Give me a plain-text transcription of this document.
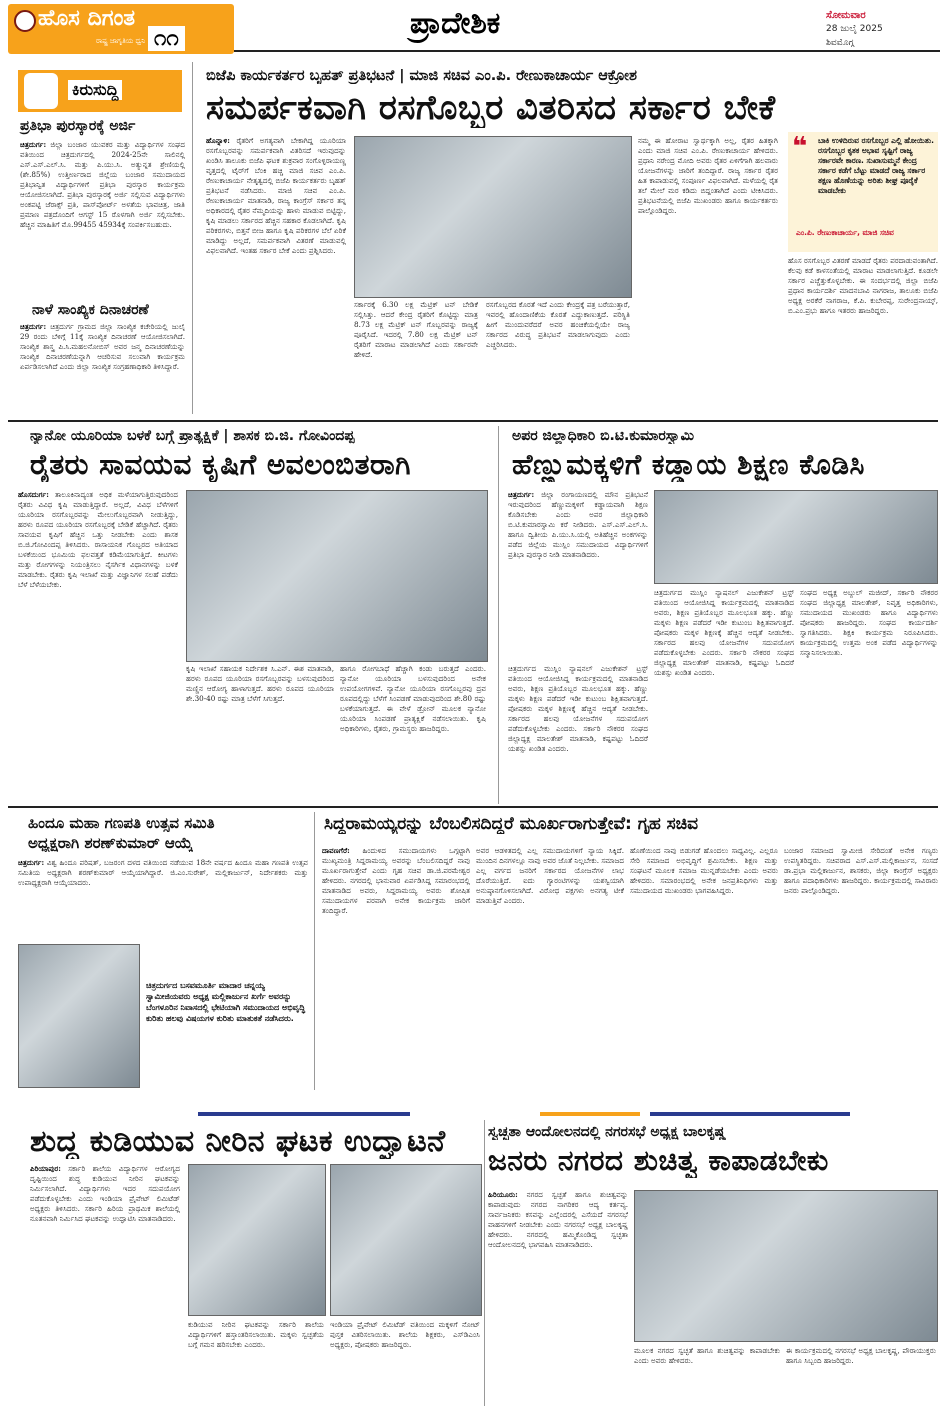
ಹೊಸ ದಿಗಂತ
ರಾಷ್ಟ್ರ ಜಾಗೃತಿಯ ಧ್ವನಿ ೧೧	ಪ್ರಾದೇಶಿಕ	ಸೋಮವಾರ
28 ಜುಲೈ 2025
ಶಿವಮೊಗ್ಗ
ಕಿರುಸುದ್ದಿ
ಪ್ರತಿಭಾ ಪುರಸ್ಕಾರಕ್ಕೆ ಅರ್ಜಿ
ಚಿತ್ರದುರ್ಗ: ಜಿಲ್ಲಾ ಬಂಜಾರ ಯುವಕರ ಮತ್ತು ವಿದ್ಯಾರ್ಥಿಗಳ ಸಂಘದ ವತಿಯಿಂದ ಚಿತ್ರದುರ್ಗದಲ್ಲಿ 2024-25ನೇ ಸಾಲಿನಲ್ಲಿ ಎಸ್.ಎಸ್.ಎಲ್.ಸಿ. ಮತ್ತು ಪಿ.ಯು.ಸಿ. ಅತ್ಯುನ್ನತ ಶ್ರೇಣಿಯಲ್ಲಿ (ಶೇ.85%) ಉತ್ತೀರ್ಣರಾದ ಜಿಲ್ಲೆಯ ಬಂಜಾರ ಸಮುದಾಯದ ಪ್ರತಿಭಾನ್ವಿತ ವಿದ್ಯಾರ್ಥಿಗಳಿಗೆ ಪ್ರತಿಭಾ ಪುರಸ್ಕಾರ ಕಾರ್ಯಕ್ರಮ ಆಯೋಜಿಸಲಾಗಿದೆ. ಪ್ರತಿಭಾ ಪುರಸ್ಕಾರಕ್ಕೆ ಅರ್ಜಿ ಸಲ್ಲಿಸುವ ವಿದ್ಯಾರ್ಥಿಗಳು ಅಂಕಪಟ್ಟಿ ಜೆರಾಕ್ಸ್ ಪ್ರತಿ, ಪಾಸ್‌ಪೋರ್ಟ್ ಅಳತೆಯ ಭಾವಚಿತ್ರ, ಜಾತಿ ಪ್ರಮಾಣ ಪತ್ರದೊಂದಿಗೆ ಆಗಸ್ಟ್ 15 ರೊಳಗಾಗಿ ಅರ್ಜಿ ಸಲ್ಲಿಸಬೇಕು. ಹೆಚ್ಚಿನ ಮಾಹಿತಿಗೆ ಮೊ.99455 45934ಕ್ಕೆ ಸಂಪರ್ಕಿಸಬಹುದು.
ನಾಳೆ ಸಾಂಖ್ಯಿಕ ದಿನಾಚರಣೆ
ಚಿತ್ರದುರ್ಗ: ಚಿತ್ರದುರ್ಗ ಗ್ರಾಮದ ಜಿಲ್ಲಾ ಸಾಂಖ್ಯಿಕ ಕಚೇರಿಯಲ್ಲಿ ಜುಲೈ 29 ರಂದು ಬೆಳಿಗ್ಗೆ 11ಕ್ಕೆ ಸಾಂಖ್ಯಿಕ ದಿನಾಚರಣೆ ಆಯೋಜಿಸಲಾಗಿದೆ. ಸಾಂಖ್ಯಿಕ ಶಾಸ್ತ್ರ ಪಿ.ಸಿ.ಮಹಲನೋಬಿಸ್ ಅವರ ಜನ್ಮ ದಿನಾಚರಣೆಯನ್ನು ಸಾಂಖ್ಯಿಕ ದಿನಾಚರಣೆಯನ್ನಾಗಿ ಆಚರಿಸುವ ಸಲುವಾಗಿ ಕಾರ್ಯಕ್ರಮ ಏರ್ಪಡಿಸಲಾಗಿದೆ ಎಂದು ಜಿಲ್ಲಾ ಸಾಂಖ್ಯಿಕ ಸಂಗ್ರಹಣಾಧಿಕಾರಿ ತಿಳಿಸಿದ್ದಾರೆ.
ಬಿಜೆಪಿ ಕಾರ್ಯಕರ್ತರ ಬೃಹತ್ ಪ್ರತಿಭಟನೆ | ಮಾಜಿ ಸಚಿವ ಎಂ.ಪಿ. ರೇಣುಕಾಚಾರ್ಯ ಆಕ್ರೋಶ
ಸಮರ್ಪಕವಾಗಿ ರಸಗೊಬ್ಬರ ವಿತರಿಸದ ಸರ್ಕಾರ ಬೇಕೆ
ಹೊನ್ನಾಳಿ: ರೈತರಿಗೆ ಅಗತ್ಯವಾಗಿ ಬೇಕಾಗಿದ್ದ ಯೂರಿಯಾ ರಸಗೊಬ್ಬರವನ್ನು ಸಮರ್ಪಕವಾಗಿ ವಿತರಿಸದೆ ಇರುವುದನ್ನು ಖಂಡಿಸಿ ತಾಲೂಕು ಬಿಜೆಪಿ ಘಟಕ ಶುಕ್ರವಾರ ಸಂಗೊಳ್ಳಿರಾಯಣ್ಣ ವೃತ್ತದಲ್ಲಿ ಟೈರ್‌ಗೆ ಬೆಂಕಿ ಹಚ್ಚಿ ಮಾಜಿ ಸಚಿವ ಎಂ.ಪಿ. ರೇಣುಕಾಚಾರ್ಯ ನೇತೃತ್ವದಲ್ಲಿ ಬಿಜೆಪಿ ಕಾರ್ಯಕರ್ತರು ಬೃಹತ್ ಪ್ರತಿಭಟನೆ ನಡೆಸಿದರು. ಮಾಜಿ ಸಚಿವ ಎಂ.ಪಿ. ರೇಣುಕಾಚಾರ್ಯ ಮಾತನಾಡಿ, ರಾಜ್ಯ ಕಾಂಗ್ರೆಸ್ ಸರ್ಕಾರ ತನ್ನ ಅಧಿಕಾರದಲ್ಲಿ ರೈತರ ನೆಮ್ಮದಿಯನ್ನು ಹಾಳು ಮಾಡುವ ಬಿಟ್ಟಿದ್ದು, ಕೃಷಿ ಮಾಡಲು ಸರ್ಕಾರದ ಹೆಚ್ಚಿನ ಸಹಕಾರ ಕೊಡಲಾಗಿದೆ. ಕೃಷಿ ಪರಿಕರಗಳು, ಬಿತ್ತನೆ ಬೀಜ ಹಾಗೂ ಕೃಷಿ ಪರಿಕರಗಳ ಬೆಲೆ ಏರಿಕೆ ಮಾಡಿದ್ದು ಅಲ್ಲದೆ, ಸಮರ್ಪಕವಾಗಿ ವಿತರಣೆ ಮಾಡುವಲ್ಲಿ ವಿಫಲವಾಗಿದೆ. ಇಂತಹ ಸರ್ಕಾರ ಬೇಕೆ ಎಂದು ಪ್ರಶ್ನಿಸಿದರು.
ಸರ್ಕಾರಕ್ಕೆ 6.30 ಲಕ್ಷ ಮೆಟ್ರಿಕ್ ಟನ್ ಬೇಡಿಕೆ ಸಲ್ಲಿಸಿತ್ತು. ಆದರೆ ಕೇಂದ್ರ ರೈತರಿಗೆ ಕೊಟ್ಟಿದ್ದು ಮಾತ್ರ 8.73 ಲಕ್ಷ ಮೆಟ್ರಿಕ್ ಟನ್ ಗೊಬ್ಬರವನ್ನು ರಾಜ್ಯಕ್ಕೆ ಪೂರೈಸಿದೆ. ಇದರಲ್ಲಿ 7.80 ಲಕ್ಷ ಮೆಟ್ರಿಕ್ ಟನ್ ರೈತರಿಗೆ ಮಾರಾಟ ಮಾಡಲಾಗಿದೆ ಎಂದು ಸರ್ಕಾರವೇ ಹೇಳಿದೆ.
ರಸಗೊಬ್ಬರದ ಕೊರತೆ ಇದೆ ಎಂದು ಕೇಂದ್ರಕ್ಕೆ ಪತ್ರ ಬರೆಯುತ್ತಾರೆ, ಇವರಲ್ಲಿ ಹೊಂದಾಣಿಕೆಯ ಕೊರತೆ ಎದ್ದುಕಾಣುತ್ತದೆ. ಪರಿಸ್ಥಿತಿ ಹೀಗೆ ಮುಂದುವರೆದರೆ ಅವರ ಹಂಚಿಕೆಯಲ್ಲಿಯೇ ರಾಜ್ಯ ಸರ್ಕಾರದ ವಿರುದ್ಧ ಪ್ರತಿಭಟನೆ ಮಾಡಲಾಗುವುದು ಎಂದು ಎಚ್ಚರಿಸಿದರು.
ನಮ್ಮ ಈ ಹೋರಾಟ ಸ್ವಾರ್ಥಕ್ಕಾಗಿ ಅಲ್ಲ, ರೈತರ ಹಿತಕ್ಕಾಗಿ ಎಂದು ಮಾಜಿ ಸಚಿವ ಎಂ.ಪಿ. ರೇಣುಕಾಚಾರ್ಯ ಹೇಳಿದರು. ಪ್ರಧಾನಿ ನರೇಂದ್ರ ಮೋದಿ ಅವರು ರೈತರ ಏಳಿಗೆಗಾಗಿ ಹಲವಾರು ಯೋಜನೆಗಳನ್ನು ಜಾರಿಗೆ ತಂದಿದ್ದಾರೆ. ರಾಜ್ಯ ಸರ್ಕಾರ ರೈತರ ಹಿತ ಕಾಪಾಡುವಲ್ಲಿ ಸಂಪೂರ್ಣ ವಿಫಲವಾಗಿದೆ. ಮಳೆಯಲ್ಲಿ ರೈತ ತಲೆ ಮೇಲೆ ಮರ ಕಡಿದು ಬಿದ್ದಂತಾಗಿದೆ ಎಂದು ಟೀಕಿಸಿದರು. ಪ್ರತಿಭಟನೆಯಲ್ಲಿ ಬಿಜೆಪಿ ಮುಖಂಡರು ಹಾಗೂ ಕಾರ್ಯಕರ್ತರು ಪಾಲ್ಗೊಂಡಿದ್ದರು.
❝ ಬಾಕಿ ಉಳಿದಿರುವ ರಸಗೊಬ್ಬರ ಎಲ್ಲಿ ಹೋಯಿತು. ರಸಗೊಬ್ಬರ ಕೃತಕ ಅಭಾವ ಸೃಷ್ಟಿಗೆ ರಾಜ್ಯ ಸರ್ಕಾರವೇ ಕಾರಣ. ಸುಖಾಸುಮ್ಮನೆ ಕೇಂದ್ರ ಸರ್ಕಾರ ಕಡೆಗೆ ಬೆಟ್ಟು ಮಾಡದೆ ರಾಜ್ಯ ಸರ್ಕಾರ ತಕ್ಷಣ ಹೊಣೆಯನ್ನು ಅರಿತು ಶೀಘ್ರ ಪೂರೈಕೆ ಮಾಡಬೇಕು
ಎಂ.ಪಿ. ರೇಣುಕಾಚಾರ್ಯ, ಮಾಜಿ ಸಚಿವ
ಹೊಸ ರಸಗೊಬ್ಬರ ವಿತರಣೆ ಮಾಡದೆ ರೈತರು ಪರದಾಡುವಂತಾಗಿದೆ. ಕೆಲವು ಕಡೆ ಕಾಳಸಂತೆಯಲ್ಲಿ ಮಾರಾಟ ಮಾಡಲಾಗುತ್ತಿದೆ. ಕೂಡಲೇ ಸರ್ಕಾರ ಎಚ್ಚೆತ್ತುಕೊಳ್ಳಬೇಕು. ಈ ಸಂದರ್ಭದಲ್ಲಿ ಜಿಲ್ಲಾ ಬಿಜೆಪಿ ಪ್ರಧಾನ ಕಾರ್ಯದರ್ಶಿ ಮಾದನಬಾವಿ ನಾಗರಾಜ, ತಾಲೂಕು ಬಿಜೆಪಿ ಅಧ್ಯಕ್ಷ ಅರಕೆರೆ ನಾಗರಾಜ, ಕೆ.ಪಿ. ಕುಬೇರಪ್ಪ, ಸುರೇಂದ್ರನಾಯ್ಕ್, ಬಿ.ಎಂ.ಪ್ರಭು ಹಾಗೂ ಇತರರು ಹಾಜರಿದ್ದರು.
ನ್ಯಾನೋ ಯೂರಿಯಾ ಬಳಕೆ ಬಗ್ಗೆ ಪ್ರಾತ್ಯಕ್ಷಿಕೆ | ಶಾಸಕ ಬಿ.ಜಿ. ಗೋವಿಂದಪ್ಪ
ರೈತರು ಸಾವಯವ ಕೃಷಿಗೆ ಅವಲಂಬಿತರಾಗಿ
ಹೊಸದುರ್ಗ: ತಾಲೂಕಿನಾದ್ಯಂತ ಅಧಿಕ ಮಳೆಯಾಗುತ್ತಿರುವುದರಿಂದ ರೈತರು ವಿವಿಧ ಕೃಷಿ ಮಾಡುತ್ತಿದ್ದಾರೆ. ಅಲ್ಲದೆ, ವಿವಿಧ ಬೆಳೆಗಳಿಗೆ ಯೂರಿಯಾ ರಸಗೊಬ್ಬರವನ್ನು ಮೇಲುಗೊಬ್ಬರವಾಗಿ ನೀಡುತ್ತಿದ್ದು, ಹರಳು ರೂಪದ ಯೂರಿಯಾ ರಸಗೊಬ್ಬರಕ್ಕೆ ಬೇಡಿಕೆ ಹೆಚ್ಚಾಗಿದೆ. ರೈತರು ಸಾವಯವ ಕೃಷಿಗೆ ಹೆಚ್ಚಿನ ಒತ್ತು ನೀಡಬೇಕು ಎಂದು ಶಾಸಕ ಬಿ.ಜಿ.ಗೋವಿಂದಪ್ಪ ತಿಳಿಸಿದರು. ರಾಸಾಯನಿಕ ಗೊಬ್ಬರದ ಅತಿಯಾದ ಬಳಕೆಯಿಂದ ಭೂಮಿಯ ಫಲವತ್ತತೆ ಕಡಿಮೆಯಾಗುತ್ತಿದೆ. ಕೀಟಗಳು ಮತ್ತು ರೋಗಗಳನ್ನು ನಿಯಂತ್ರಿಸಲು ನೈಸರ್ಗಿಕ ವಿಧಾನಗಳನ್ನು ಬಳಕೆ ಮಾಡಬೇಕು. ರೈತರು ಕೃಷಿ ಇಲಾಖೆ ಮತ್ತು ವಿಜ್ಞಾನಿಗಳ ಸಲಹೆ ಪಡೆದು ಬೆಳೆ ಬೆಳೆಯಬೇಕು.
ಕೃಷಿ ಇಲಾಖೆ ಸಹಾಯಕ ನಿರ್ದೇಶಕ ಸಿ.ಎನ್. ಈಶ ಮಾತನಾಡಿ, ಹರಳು ರೂಪದ ಯೂರಿಯಾ ರಸಗೊಬ್ಬರವನ್ನು ಬಳಸುವುದರಿಂದ ಮಣ್ಣಿನ ಆರೋಗ್ಯ ಹಾಳಾಗುತ್ತದೆ. ಹರಳು ರೂಪದ ಯೂರಿಯಾ ಶೇ.30-40 ರಷ್ಟು ಮಾತ್ರ ಬೆಳೆಗೆ ಸಿಗುತ್ತದೆ.
ಹಾಗೂ ರೋಗಬಾಧೆ ಹೆಚ್ಚಾಗಿ ಕಂಡು ಬರುತ್ತದೆ ಎಂದರು. ನ್ಯಾನೋ ಯೂರಿಯಾ ಬಳಸುವುದರಿಂದ ಅನೇಕ ಉಪಯೋಗಗಳಿವೆ. ನ್ಯಾನೋ ಯೂರಿಯಾ ರಸಗೊಬ್ಬರವು ದ್ರವ ರೂಪದಲ್ಲಿದ್ದು ಬೆಳೆಗೆ ಸಿಂಪಡಣೆ ಮಾಡುವುದರಿಂದ ಶೇ.80 ರಷ್ಟು ಬಳಕೆಯಾಗುತ್ತದೆ. ಈ ವೇಳೆ ಡ್ರೋನ್ ಮೂಲಕ ನ್ಯಾನೋ ಯೂರಿಯಾ ಸಿಂಪಡಣೆ ಪ್ರಾತ್ಯಕ್ಷಿಕೆ ನಡೆಸಲಾಯಿತು. ಕೃಷಿ ಅಧಿಕಾರಿಗಳು, ರೈತರು, ಗ್ರಾಮಸ್ಥರು ಹಾಜರಿದ್ದರು.
ಅಪರ ಜಿಲ್ಲಾಧಿಕಾರಿ ಬಿ.ಟಿ.ಕುಮಾರಸ್ವಾಮಿ
ಹೆಣ್ಣುಮಕ್ಕಳಿಗೆ ಕಡ್ಡಾಯ ಶಿಕ್ಷಣ ಕೊಡಿಸಿ
ಚಿತ್ರದುರ್ಗ: ಜಿಲ್ಲಾ ರಂಗಾಯಣದಲ್ಲಿ ಮೌನ ಪ್ರತಿಭಟನೆ ಇರುವುದರಿಂದ ಹೆಣ್ಣುಮಕ್ಕಳಿಗೆ ಕಡ್ಡಾಯವಾಗಿ ಶಿಕ್ಷಣ ಕೊಡಿಸಬೇಕು ಎಂದು ಅಪರ ಜಿಲ್ಲಾಧಿಕಾರಿ ಬಿ.ಟಿ.ಕುಮಾರಸ್ವಾಮಿ ಕರೆ ನೀಡಿದರು. ಎಸ್.ಎಸ್.ಎಲ್.ಸಿ. ಹಾಗೂ ದ್ವಿತೀಯ ಪಿ.ಯು.ಸಿ.ಯಲ್ಲಿ ಅತಿಹೆಚ್ಚಿನ ಅಂಕಗಳನ್ನು ಪಡೆದ ಜಿಲ್ಲೆಯ ಮುಸ್ಲಿಂ ಸಮುದಾಯದ ವಿದ್ಯಾರ್ಥಿಗಳಿಗೆ ಪ್ರತಿಭಾ ಪುರಸ್ಕಾರ ನೀಡಿ ಮಾತನಾಡಿದರು.
ಚಿತ್ರದುರ್ಗದ ಮುಸ್ಲಿಂ ನ್ಯಾಷನಲ್ ಎಜುಕೇಶನ್ ಟ್ರಸ್ಟ್ ವತಿಯಿಂದ ಆಯೋಜಿಸಿದ್ದ ಕಾರ್ಯಕ್ರಮದಲ್ಲಿ ಮಾತನಾಡಿದ ಅವರು, ಶಿಕ್ಷಣ ಪ್ರತಿಯೊಬ್ಬರ ಮೂಲಭೂತ ಹಕ್ಕು. ಹೆಣ್ಣು ಮಕ್ಕಳು ಶಿಕ್ಷಣ ಪಡೆದರೆ ಇಡೀ ಕುಟುಂಬ ಶಿಕ್ಷಿತವಾಗುತ್ತದೆ. ಪೋಷಕರು ಮಕ್ಕಳ ಶಿಕ್ಷಣಕ್ಕೆ ಹೆಚ್ಚಿನ ಆದ್ಯತೆ ನೀಡಬೇಕು. ಸರ್ಕಾರದ ಹಲವು ಯೋಜನೆಗಳ ಸದುಪಯೋಗ ಪಡೆದುಕೊಳ್ಳಬೇಕು ಎಂದರು. ಸರ್ಕಾರಿ ನೌಕರರ ಸಂಘದ ಜಿಲ್ಲಾಧ್ಯಕ್ಷ ಮಾಲತೇಶ್ ಮಾತನಾಡಿ, ಕಷ್ಟಪಟ್ಟು ಓದಿದರೆ ಯಶಸ್ಸು ಖಂಡಿತ ಎಂದರು.
ಚಿತ್ರದುರ್ಗದ ಮುಸ್ಲಿಂ ನ್ಯಾಷನಲ್ ಎಜುಕೇಶನ್ ಟ್ರಸ್ಟ್ ವತಿಯಿಂದ ಆಯೋಜಿಸಿದ್ದ ಕಾರ್ಯಕ್ರಮದಲ್ಲಿ ಮಾತನಾಡಿದ ಅವರು, ಶಿಕ್ಷಣ ಪ್ರತಿಯೊಬ್ಬರ ಮೂಲಭೂತ ಹಕ್ಕು. ಹೆಣ್ಣು ಮಕ್ಕಳು ಶಿಕ್ಷಣ ಪಡೆದರೆ ಇಡೀ ಕುಟುಂಬ ಶಿಕ್ಷಿತವಾಗುತ್ತದೆ. ಪೋಷಕರು ಮಕ್ಕಳ ಶಿಕ್ಷಣಕ್ಕೆ ಹೆಚ್ಚಿನ ಆದ್ಯತೆ ನೀಡಬೇಕು. ಸರ್ಕಾರದ ಹಲವು ಯೋಜನೆಗಳ ಸದುಪಯೋಗ ಪಡೆದುಕೊಳ್ಳಬೇಕು ಎಂದರು. ಸರ್ಕಾರಿ ನೌಕರರ ಸಂಘದ ಜಿಲ್ಲಾಧ್ಯಕ್ಷ ಮಾಲತೇಶ್ ಮಾತನಾಡಿ, ಕಷ್ಟಪಟ್ಟು ಓದಿದರೆ ಯಶಸ್ಸು ಖಂಡಿತ ಎಂದರು.
ಸಂಘದ ಅಧ್ಯಕ್ಷ ಅಬ್ದುಲ್ ಮಜೀದ್, ಸರ್ಕಾರಿ ನೌಕರರ ಸಂಘದ ಜಿಲ್ಲಾಧ್ಯಕ್ಷ ಮಾಲತೇಶ್, ನಿವೃತ್ತ ಅಧಿಕಾರಿಗಳು, ಸಮುದಾಯದ ಮುಖಂಡರು ಹಾಗೂ ವಿದ್ಯಾರ್ಥಿಗಳು ಪೋಷಕರು ಹಾಜರಿದ್ದರು. ಸಂಘದ ಕಾರ್ಯದರ್ಶಿ ಸ್ವಾಗತಿಸಿದರು. ಶಿಕ್ಷಕಿ ಕಾರ್ಯಕ್ರಮ ನಿರೂಪಿಸಿದರು. ಕಾರ್ಯಕ್ರಮದಲ್ಲಿ ಉತ್ತಮ ಅಂಕ ಪಡೆದ ವಿದ್ಯಾರ್ಥಿಗಳನ್ನು ಸನ್ಮಾನಿಸಲಾಯಿತು.
ಹಿಂದೂ ಮಹಾ ಗಣಪತಿ ಉತ್ಸವ ಸಮಿತಿ
ಅಧ್ಯಕ್ಷರಾಗಿ ಶರಣ್‌ಕುಮಾರ್ ಆಯ್ಕೆ
ಚಿತ್ರದುರ್ಗ: ವಿಶ್ವ ಹಿಂದೂ ಪರಿಷತ್, ಬಜರಂಗ ದಳದ ವತಿಯಿಂದ ನಡೆಯುವ 18ನೇ ವರ್ಷದ ಹಿಂದೂ ಮಹಾ ಗಣಪತಿ ಉತ್ಸವ ಸಮಿತಿಯ ಅಧ್ಯಕ್ಷರಾಗಿ ಶರಣ್‌ಕುಮಾರ್ ಆಯ್ಕೆಯಾಗಿದ್ದಾರೆ. ಜಿ.ಎಂ.ಸುರೇಶ್, ಮಲ್ಲಿಕಾರ್ಜುನ್, ನಿರ್ದೇಶಕರು ಮತ್ತು ಉಪಾಧ್ಯಕ್ಷರಾಗಿ ಆಯ್ಕೆಯಾದರು.
ಚಿತ್ರದುರ್ಗದ ಬಸವಮೂರ್ತಿ ಮಾದಾರ ಚನ್ನಯ್ಯ ಸ್ವಾಮೀಜಿಯವರು ಅಧ್ಯಕ್ಷ ಮಲ್ಲಿಕಾರ್ಜುನ ಖರ್ಗೆ ಅವರನ್ನು ಬೆಂಗಳೂರಿನ ನಿವಾಸದಲ್ಲಿ ಭೇಟಿಯಾಗಿ ಸಮುದಾಯದ ಅಭಿವೃದ್ಧಿ ಕುರಿತು ಹಲವು ವಿಷಯಗಳ ಕುರಿತು ಮಾತುಕತೆ ನಡೆಸಿದರು.
ಸಿದ್ದರಾಮಯ್ಯರನ್ನು ಬೆಂಬಲಿಸದಿದ್ದರೆ ಮೂರ್ಖರಾಗುತ್ತೇವೆ: ಗೃಹ ಸಚಿವ
ದಾವಣಗೆರೆ: ಹಿಂದುಳಿದ ಸಮುದಾಯಗಳು ಒಗ್ಗಟ್ಟಾಗಿ ಮುಖ್ಯಮಂತ್ರಿ ಸಿದ್ದರಾಮಯ್ಯ ಅವರನ್ನು ಬೆಂಬಲಿಸದಿದ್ದರೆ ನಾವು ಮೂರ್ಖರಾಗುತ್ತೇವೆ ಎಂದು ಗೃಹ ಸಚಿವ ಡಾ.ಜಿ.ಪರಮೇಶ್ವರ ಹೇಳಿದರು. ನಗರದಲ್ಲಿ ಭಾನುವಾರ ಏರ್ಪಡಿಸಿದ್ದ ಸಮಾರಂಭದಲ್ಲಿ ಮಾತನಾಡಿದ ಅವರು, ಸಿದ್ದರಾಮಯ್ಯ ಅವರು ಶೋಷಿತ ಸಮುದಾಯಗಳ ಪರವಾಗಿ ಅನೇಕ ಕಾರ್ಯಕ್ರಮ ಜಾರಿಗೆ ತಂದಿದ್ದಾರೆ.
ಅವರ ಆಡಳಿತದಲ್ಲಿ ಎಲ್ಲ ಸಮುದಾಯಗಳಿಗೆ ನ್ಯಾಯ ಸಿಕ್ಕಿದೆ. ಮುಂದಿನ ದಿನಗಳಲ್ಲೂ ನಾವು ಅವರ ಜೊತೆ ನಿಲ್ಲಬೇಕು. ಸಮಾಜದ ಎಲ್ಲ ವರ್ಗದ ಜನರಿಗೆ ಸರ್ಕಾರದ ಯೋಜನೆಗಳ ಲಾಭ ದೊರೆಯುತ್ತಿದೆ. ಐದು ಗ್ಯಾರಂಟಿಗಳನ್ನು ಯಶಸ್ವಿಯಾಗಿ ಅನುಷ್ಠಾನಗೊಳಿಸಲಾಗಿದೆ. ವಿರೋಧ ಪಕ್ಷಗಳು ಅನಗತ್ಯ ಟೀಕೆ ಮಾಡುತ್ತಿವೆ ಎಂದರು.
ಹೊಣೆಯಿಂದ ನಾವು ಬಿಡುಗಡೆ ಹೊಂದಲು ಸಾಧ್ಯವಿಲ್ಲ. ಎಲ್ಲರೂ ಸೇರಿ ಸಮಾಜದ ಅಭಿವೃದ್ಧಿಗೆ ಶ್ರಮಿಸಬೇಕು. ಶಿಕ್ಷಣ ಮತ್ತು ಸಂಘಟನೆ ಮೂಲಕ ಸಮಾಜ ಮುನ್ನಡೆಯಬೇಕು ಎಂದು ಅವರು ಹೇಳಿದರು. ಸಮಾರಂಭದಲ್ಲಿ ಅನೇಕ ಜನಪ್ರತಿನಿಧಿಗಳು ಮತ್ತು ಸಮುದಾಯದ ಮುಖಂಡರು ಭಾಗವಹಿಸಿದ್ದರು.
ಬಂಜಾರ ಸಮಾಜದ ಸ್ವಾಮೀಜಿ ಸೇರಿದಂತೆ ಅನೇಕ ಗಣ್ಯರು ಉಪಸ್ಥಿತರಿದ್ದರು. ಸಚಿವರಾದ ಎಸ್.ಎಸ್.ಮಲ್ಲಿಕಾರ್ಜುನ, ಸಂಸದೆ ಡಾ.ಪ್ರಭಾ ಮಲ್ಲಿಕಾರ್ಜುನ, ಶಾಸಕರು, ಜಿಲ್ಲಾ ಕಾಂಗ್ರೆಸ್ ಅಧ್ಯಕ್ಷರು ಹಾಗೂ ಪದಾಧಿಕಾರಿಗಳು ಹಾಜರಿದ್ದರು. ಕಾರ್ಯಕ್ರಮದಲ್ಲಿ ಸಾವಿರಾರು ಜನರು ಪಾಲ್ಗೊಂಡಿದ್ದರು.
ಶುದ್ಧ ಕುಡಿಯುವ ನೀರಿನ ಘಟಕ ಉದ್ಘಾಟನೆ
ಪಿರಿಯಾಪುರ: ಸರ್ಕಾರಿ ಶಾಲೆಯ ವಿದ್ಯಾರ್ಥಿಗಳ ಆರೋಗ್ಯದ ದೃಷ್ಟಿಯಿಂದ ಶುದ್ಧ ಕುಡಿಯುವ ನೀರಿನ ಘಟಕವನ್ನು ನಿರ್ಮಿಸಲಾಗಿದೆ. ವಿದ್ಯಾರ್ಥಿಗಳು ಇದರ ಸದುಪಯೋಗ ಪಡೆದುಕೊಳ್ಳಬೇಕು ಎಂದು ಇಂಡಿಯಾ ಪ್ರೈವೇಟ್ ಲಿಮಿಟೆಡ್ ಅಧ್ಯಕ್ಷರು ತಿಳಿಸಿದರು. ಸರ್ಕಾರಿ ಹಿರಿಯ ಪ್ರಾಥಮಿಕ ಶಾಲೆಯಲ್ಲಿ ನೂತನವಾಗಿ ನಿರ್ಮಿಸಿದ ಘಟಕವನ್ನು ಉದ್ಘಾಟಿಸಿ ಮಾತನಾಡಿದರು.
ಕುಡಿಯುವ ನೀರಿನ ಘಟಕವನ್ನು ಸರ್ಕಾರಿ ಶಾಲೆಯ ವಿದ್ಯಾರ್ಥಿಗಳಿಗೆ ಹಸ್ತಾಂತರಿಸಲಾಯಿತು. ಮಕ್ಕಳು ಸ್ವಚ್ಛತೆಯ ಬಗ್ಗೆ ಗಮನ ಹರಿಸಬೇಕು ಎಂದರು.
ಇಂಡಿಯಾ ಪ್ರೈವೇಟ್ ಲಿಮಿಟೆಡ್ ವತಿಯಿಂದ ಮಕ್ಕಳಿಗೆ ನೋಟ್ ಪುಸ್ತಕ ವಿತರಿಸಲಾಯಿತು. ಶಾಲೆಯ ಶಿಕ್ಷಕರು, ಎಸ್‌ಡಿಎಂಸಿ ಅಧ್ಯಕ್ಷರು, ಪೋಷಕರು ಹಾಜರಿದ್ದರು.
ಸ್ವಚ್ಛತಾ ಆಂದೋಲನದಲ್ಲಿ ನಗರಸಭೆ ಅಧ್ಯಕ್ಷ ಬಾಲಕೃಷ್ಣ
ಜನರು ನಗರದ ಶುಚಿತ್ವ ಕಾಪಾಡಬೇಕು
ಹಿರಿಯೂರು: ನಗರದ ಸ್ವಚ್ಛತೆ ಹಾಗೂ ಶುಚಿತ್ವವನ್ನು ಕಾಪಾಡುವುದು ನಗರದ ನಾಗರಿಕರ ಆದ್ಯ ಕರ್ತವ್ಯ. ಸಾರ್ವಜನಿಕರು ಕಸವನ್ನು ಎಲ್ಲೆಂದರಲ್ಲಿ ಎಸೆಯದೆ ನಗರಸಭೆ ವಾಹನಗಳಿಗೆ ನೀಡಬೇಕು ಎಂದು ನಗರಸಭೆ ಅಧ್ಯಕ್ಷ ಬಾಲಕೃಷ್ಣ ಹೇಳಿದರು. ನಗರದಲ್ಲಿ ಹಮ್ಮಿಕೊಂಡಿದ್ದ ಸ್ವಚ್ಛತಾ ಆಂದೋಲನದಲ್ಲಿ ಭಾಗವಹಿಸಿ ಮಾತನಾಡಿದರು.
ಮೂಲಕ ನಗರದ ಸ್ವಚ್ಛತೆ ಹಾಗೂ ಶುಚಿತ್ವವನ್ನು ಕಾಪಾಡಬೇಕು ಎಂದು ಅವರು ಹೇಳಿದರು.
ಈ ಕಾರ್ಯಕ್ರಮದಲ್ಲಿ ನಗರಸಭೆ ಅಧ್ಯಕ್ಷ ಬಾಲಕೃಷ್ಣ, ಪೌರಾಯುಕ್ತರು ಹಾಗೂ ಸಿಬ್ಬಂದಿ ಹಾಜರಿದ್ದರು.
